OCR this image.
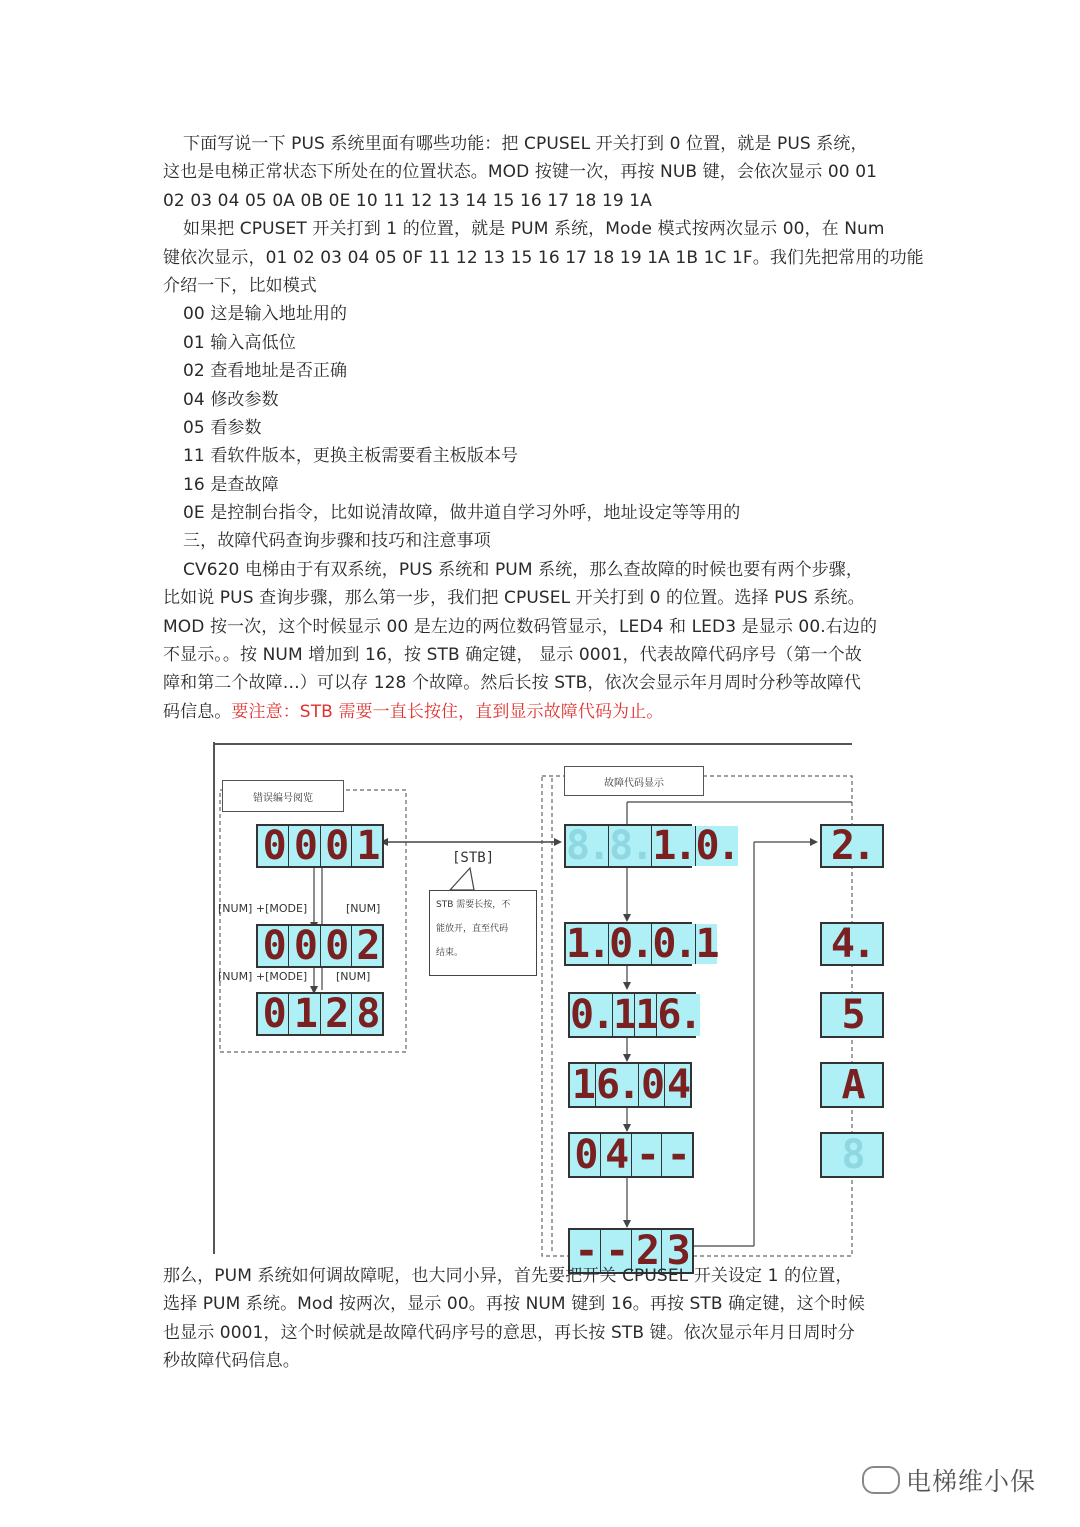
下面写说一下 PUS 系统里面有哪些功能：把 CPUSEL 开关打到 0 位置，就是 PUS 系统，
这也是电梯正常状态下所处在的位置状态。MOD 按键一次，再按 NUB 键，会依次显示 00 01
02 03 04 05 0A 0B 0E 10 11 12 13 14 15 16 17 18 19 1A
如果把 CPUSET 开关打到 1 的位置，就是 PUM 系统，Mode 模式按两次显示 00，在 Num
键依次显示，01 02 03 04 05 0F 11 12 13 15 16 17 18 19 1A 1B 1C 1F。我们先把常用的功能
介绍一下，比如模式
00 这是输入地址用的
01 输入高低位
02 查看地址是否正确
04 修改参数
05 看参数
11 看软件版本，更换主板需要看主板版本号
16 是查故障
0E 是控制台指令，比如说清故障，做井道自学习外呼，地址设定等等用的
三，故障代码查询步骤和技巧和注意事项
CV620 电梯由于有双系统，PUS 系统和 PUM 系统，那么查故障的时候也要有两个步骤，
比如说 PUS 查询步骤，那么第一步，我们把 CPUSEL 开关打到 0 的位置。选择 PUS 系统。
MOD 按一次，这个时候显示 00 是左边的两位数码管显示，LED4 和 LED3 是显示 00.右边的
不显示。。按 NUM 增加到 16，按 STB 确定键， 显示 0001，代表故障代码序号（第一个故
障和第二个故障…）可以存 128 个故障。然后长按 STB，依次会显示年月周时分秒等故障代
码信息。要注意：STB 需要一直长按住，直到显示故障代码为止。
错误编号阅览
故障代码显示
[STB]
STB 需要长按，不
能放开，直至代码
结束。
[NUM] +[MODE]	[NUM]
[NUM] +[MODE]	[NUM]
0 0 0 1
0 0 0 2
0 1 2 8
8. 8. 1. 0.
1. 0. 0. 1
0. 1 1 6.
1 6. 0 4
0 4 - -
- - 2 3
2.
4.
5
A
8
那么，PUM 系统如何调故障呢，也大同小异，首先要把开关 CPUSEL 开关设定 1 的位置，
选择 PUM 系统。Mod 按两次，显示 00。再按 NUM 键到 16。再按 STB 确定键，这个时候
也显示 0001，这个时候就是故障代码序号的意思，再长按 STB 键。依次显示年月日周时分
秒故障代码信息。
电梯维小保
